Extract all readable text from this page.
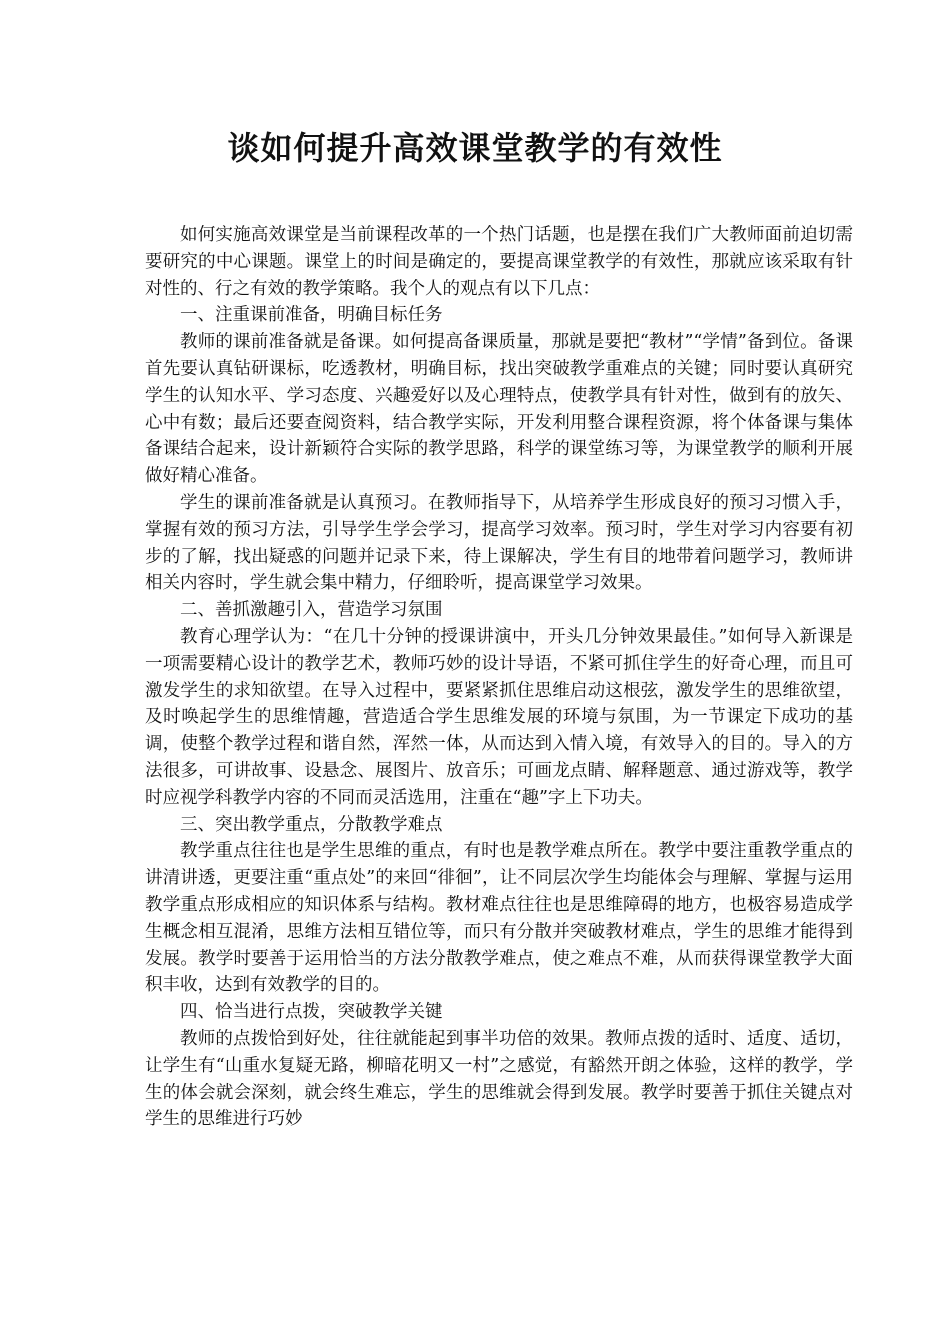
谈如何提升高效课堂教学的有效性

如何实施高效课堂是当前课程改革的一个热门话题，也是摆在我们广大教师面前迫切需要研究的中心课题。课堂上的时间是确定的，要提高课堂教学的有效性，那就应该采取有针对性的、行之有效的教学策略。我个人的观点有以下几点：

一、注重课前准备，明确目标任务

教师的课前准备就是备课。如何提高备课质量，那就是要把“教材”“学情”备到位。备课首先要认真钻研课标，吃透教材，明确目标，找出突破教学重难点的关键；同时要认真研究学生的认知水平、学习态度、兴趣爱好以及心理特点，使教学具有针对性，做到有的放矢、心中有数；最后还要查阅资料，结合教学实际，开发利用整合课程资源，将个体备课与集体备课结合起来，设计新颖符合实际的教学思路，科学的课堂练习等，为课堂教学的顺利开展做好精心准备。

学生的课前准备就是认真预习。在教师指导下，从培养学生形成良好的预习习惯入手，掌握有效的预习方法，引导学生学会学习，提高学习效率。预习时，学生对学习内容要有初步的了解，找出疑惑的问题并记录下来，待上课解决，学生有目的地带着问题学习，教师讲相关内容时，学生就会集中精力，仔细聆听，提高课堂学习效果。

二、善抓激趣引入，营造学习氛围

教育心理学认为：“在几十分钟的授课讲演中，开头几分钟效果最佳。”如何导入新课是一项需要精心设计的教学艺术，教师巧妙的设计导语，不紧可抓住学生的好奇心理，而且可激发学生的求知欲望。在导入过程中，要紧紧抓住思维启动这根弦，激发学生的思维欲望，及时唤起学生的思维情趣，营造适合学生思维发展的环境与氛围，为一节课定下成功的基调，使整个教学过程和谐自然，浑然一体，从而达到入情入境，有效导入的目的。导入的方法很多，可讲故事、设悬念、展图片、放音乐；可画龙点睛、解释题意、通过游戏等，教学时应视学科教学内容的不同而灵活选用，注重在“趣”字上下功夫。

三、突出教学重点，分散教学难点

教学重点往往也是学生思维的重点，有时也是教学难点所在。教学中要注重教学重点的讲清讲透，更要注重“重点处”的来回“徘徊”，让不同层次学生均能体会与理解、掌握与运用教学重点形成相应的知识体系与结构。教材难点往往也是思维障碍的地方，也极容易造成学生概念相互混淆，思维方法相互错位等，而只有分散并突破教材难点，学生的思维才能得到发展。教学时要善于运用恰当的方法分散教学难点，使之难点不难，从而获得课堂教学大面积丰收，达到有效教学的目的。

四、恰当进行点拨，突破教学关键

教师的点拨恰到好处，往往就能起到事半功倍的效果。教师点拨的适时、适度、适切，让学生有“山重水复疑无路，柳暗花明又一村”之感觉，有豁然开朗之体验，这样的教学，学生的体会就会深刻，就会终生难忘，学生的思维就会得到发展。教学时要善于抓住关键点对学生的思维进行巧妙
